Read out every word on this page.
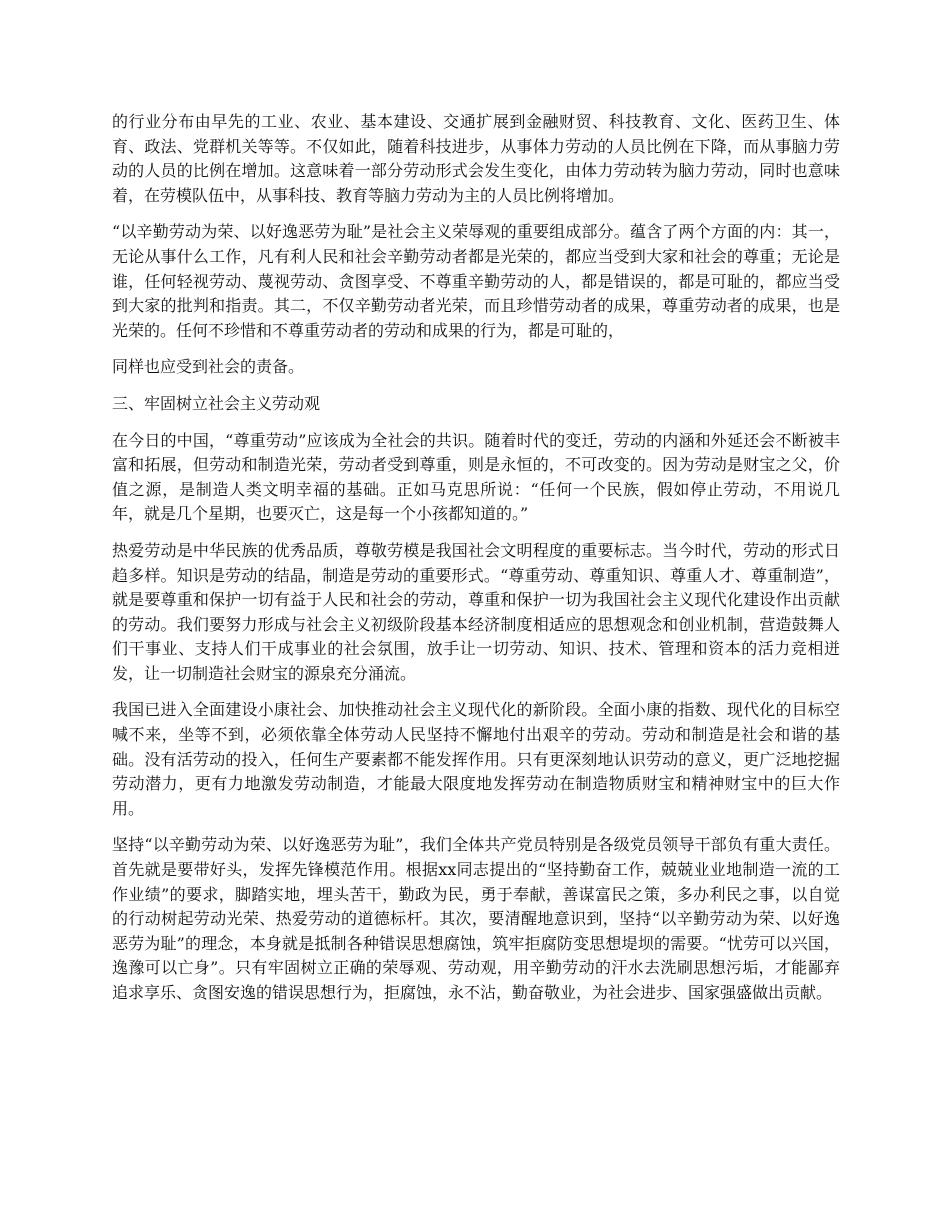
的行业分布由早先的工业、农业、基本建设、交通扩展到金融财贸、科技教育、文化、医药卫生、体育、政法、党群机关等等。不仅如此，随着科技进步，从事体力劳动的人员比例在下降，而从事脑力劳动的人员的比例在增加。这意味着一部分劳动形式会发生变化，由体力劳动转为脑力劳动，同时也意味着，在劳模队伍中，从事科技、教育等脑力劳动为主的人员比例将增加。

“以辛勤劳动为荣、以好逸恶劳为耻”是社会主义荣辱观的重要组成部分。蕴含了两个方面的内：其一，无论从事什么工作，凡有利人民和社会辛勤劳动者都是光荣的，都应当受到大家和社会的尊重；无论是谁，任何轻视劳动、蔑视劳动、贪图享受、不尊重辛勤劳动的人，都是错误的，都是可耻的，都应当受到大家的批判和指责。其二，不仅辛勤劳动者光荣，而且珍惜劳动者的成果，尊重劳动者的成果，也是光荣的。任何不珍惜和不尊重劳动者的劳动和成果的行为，都是可耻的，

同样也应受到社会的责备。

三、牢固树立社会主义劳动观

在今日的中国，“尊重劳动”应该成为全社会的共识。随着时代的变迁，劳动的内涵和外延还会不断被丰富和拓展，但劳动和制造光荣，劳动者受到尊重，则是永恒的，不可改变的。因为劳动是财宝之父，价值之源，是制造人类文明幸福的基础。正如马克思所说：“任何一个民族，假如停止劳动，不用说几年，就是几个星期，也要灭亡，这是每一个小孩都知道的。”

热爱劳动是中华民族的优秀品质，尊敬劳模是我国社会文明程度的重要标志。当今时代，劳动的形式日趋多样。知识是劳动的结晶，制造是劳动的重要形式。“尊重劳动、尊重知识、尊重人才、尊重制造”，就是要尊重和保护一切有益于人民和社会的劳动，尊重和保护一切为我国社会主义现代化建设作出贡献的劳动。我们要努力形成与社会主义初级阶段基本经济制度相适应的思想观念和创业机制，营造鼓舞人们干事业、支持人们干成事业的社会氛围，放手让一切劳动、知识、技术、管理和资本的活力竞相迸发，让一切制造社会财宝的源泉充分涌流。

我国已进入全面建设小康社会、加快推动社会主义现代化的新阶段。全面小康的指数、现代化的目标空喊不来，坐等不到，必须依靠全体劳动人民坚持不懈地付出艰辛的劳动。劳动和制造是社会和谐的基础。没有活劳动的投入，任何生产要素都不能发挥作用。只有更深刻地认识劳动的意义，更广泛地挖掘劳动潜力，更有力地激发劳动制造，才能最大限度地发挥劳动在制造物质财宝和精神财宝中的巨大作用。

坚持“以辛勤劳动为荣、以好逸恶劳为耻”，我们全体共产党员特别是各级党员领导干部负有重大责任。首先就是要带好头，发挥先锋模范作用。根据xx同志提出的“坚持勤奋工作，兢兢业业地制造一流的工作业绩”的要求，脚踏实地，埋头苦干，勤政为民，勇于奉献，善谋富民之策，多办利民之事，以自觉的行动树起劳动光荣、热爱劳动的道德标杆。其次，要清醒地意识到，坚持“以辛勤劳动为荣、以好逸恶劳为耻”的理念，本身就是抵制各种错误思想腐蚀，筑牢拒腐防变思想堤坝的需要。“忧劳可以兴国，逸豫可以亡身”。只有牢固树立正确的荣辱观、劳动观，用辛勤劳动的汗水去洗刷思想污垢，才能鄙弃追求享乐、贪图安逸的错误思想行为，拒腐蚀，永不沾，勤奋敬业，为社会进步、国家强盛做出贡献。
